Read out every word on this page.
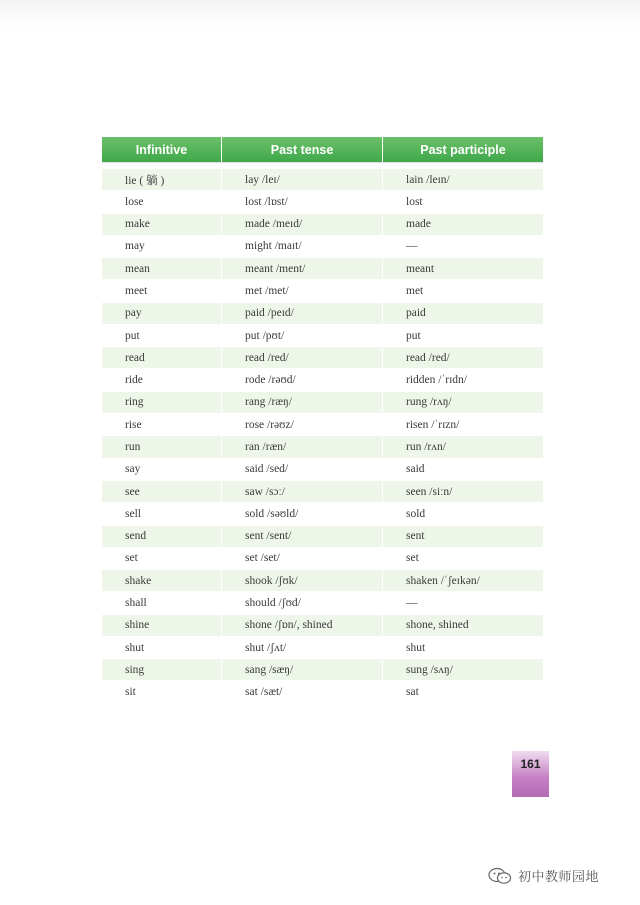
Infinitive	Past tense	Past participle
lie ( 躺 )	lay /leɪ/	lain /leɪn/
lose	lost /lɒst/	lost
make	made /meɪd/	made
may	might /maɪt/	—
mean	meant /ment/	meant
meet	met /met/	met
pay	paid /peɪd/	paid
put	put /pʊt/	put
read	read /red/	read /red/
ride	rode /rəʊd/	ridden /ˈrɪdn/
ring	rang /ræŋ/	rung /rʌŋ/
rise	rose /rəʊz/	risen /ˈrɪzn/
run	ran /ræn/	run /rʌn/
say	said /sed/	said
see	saw /sɔː/	seen /siːn/
sell	sold /səʊld/	sold
send	sent /sent/	sent
set	set /set/	set
shake	shook /ʃʊk/	shaken /ˈʃeɪkən/
shall	should /ʃʊd/	—
shine	shone /ʃɒn/, shined	shone, shined
shut	shut /ʃʌt/	shut
sing	sang /sæŋ/	sung /sʌŋ/
sit	sat /sæt/	sat
161
初中教师园地
